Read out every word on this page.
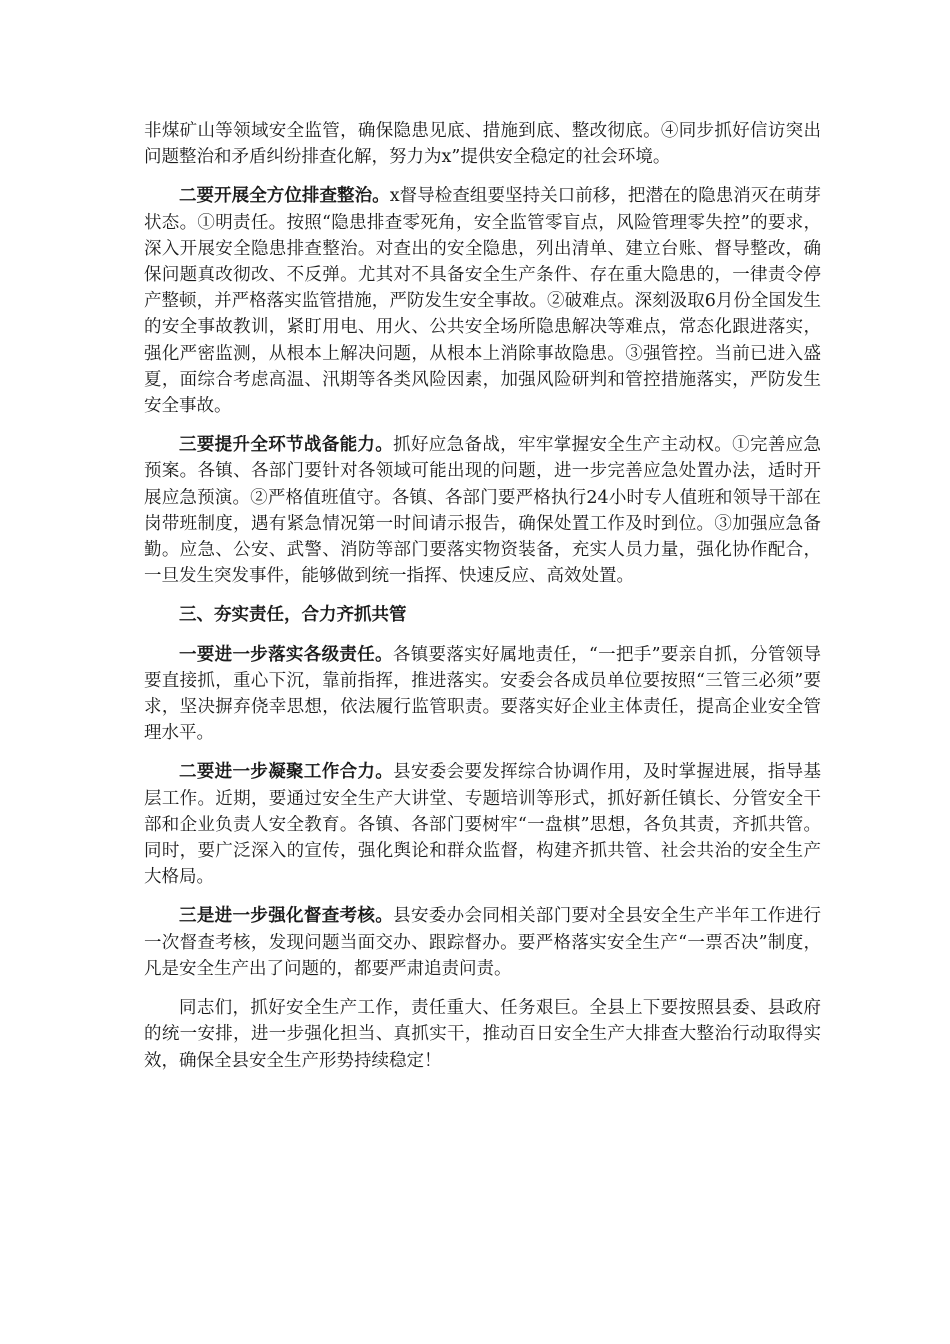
非煤矿山等领域安全监管，确保隐患见底、措施到底、整改彻底。④同步抓好信访突出问题整治和矛盾纠纷排查化解，努力为x”提供安全稳定的社会环境。

二要开展全方位排查整治。x督导检查组要坚持关口前移，把潜在的隐患消灭在萌芽状态。①明责任。按照“隐患排查零死角，安全监管零盲点，风险管理零失控”的要求，深入开展安全隐患排查整治。对查出的安全隐患，列出清单、建立台账、督导整改，确保问题真改彻改、不反弹。尤其对不具备安全生产条件、存在重大隐患的，一律责令停产整顿，并严格落实监管措施，严防发生安全事故。②破难点。深刻汲取6月份全国发生的安全事故教训，紧盯用电、用火、公共安全场所隐患解决等难点，常态化跟进落实，强化严密监测，从根本上解决问题，从根本上消除事故隐患。③强管控。当前已进入盛夏，面综合考虑高温、汛期等各类风险因素，加强风险研判和管控措施落实，严防发生安全事故。

三要提升全环节战备能力。抓好应急备战，牢牢掌握安全生产主动权。①完善应急预案。各镇、各部门要针对各领域可能出现的问题，进一步完善应急处置办法，适时开展应急预演。②严格值班值守。各镇、各部门要严格执行24小时专人值班和领导干部在岗带班制度，遇有紧急情况第一时间请示报告，确保处置工作及时到位。③加强应急备勤。应急、公安、武警、消防等部门要落实物资装备，充实人员力量，强化协作配合，一旦发生突发事件，能够做到统一指挥、快速反应、高效处置。

三、夯实责任，合力齐抓共管

一要进一步落实各级责任。各镇要落实好属地责任，“一把手”要亲自抓，分管领导要直接抓，重心下沉，靠前指挥，推进落实。安委会各成员单位要按照“三管三必须”要求，坚决摒弃侥幸思想，依法履行监管职责。要落实好企业主体责任，提高企业安全管理水平。

二要进一步凝聚工作合力。县安委会要发挥综合协调作用，及时掌握进展，指导基层工作。近期，要通过安全生产大讲堂、专题培训等形式，抓好新任镇长、分管安全干部和企业负责人安全教育。各镇、各部门要树牢“一盘棋”思想，各负其责，齐抓共管。同时，要广泛深入的宣传，强化舆论和群众监督，构建齐抓共管、社会共治的安全生产大格局。

三是进一步强化督查考核。县安委办会同相关部门要对全县安全生产半年工作进行一次督查考核，发现问题当面交办、跟踪督办。要严格落实安全生产“一票否决”制度，凡是安全生产出了问题的，都要严肃追责问责。

同志们，抓好安全生产工作，责任重大、任务艰巨。全县上下要按照县委、县政府的统一安排，进一步强化担当、真抓实干，推动百日安全生产大排查大整治行动取得实效，确保全县安全生产形势持续稳定！
